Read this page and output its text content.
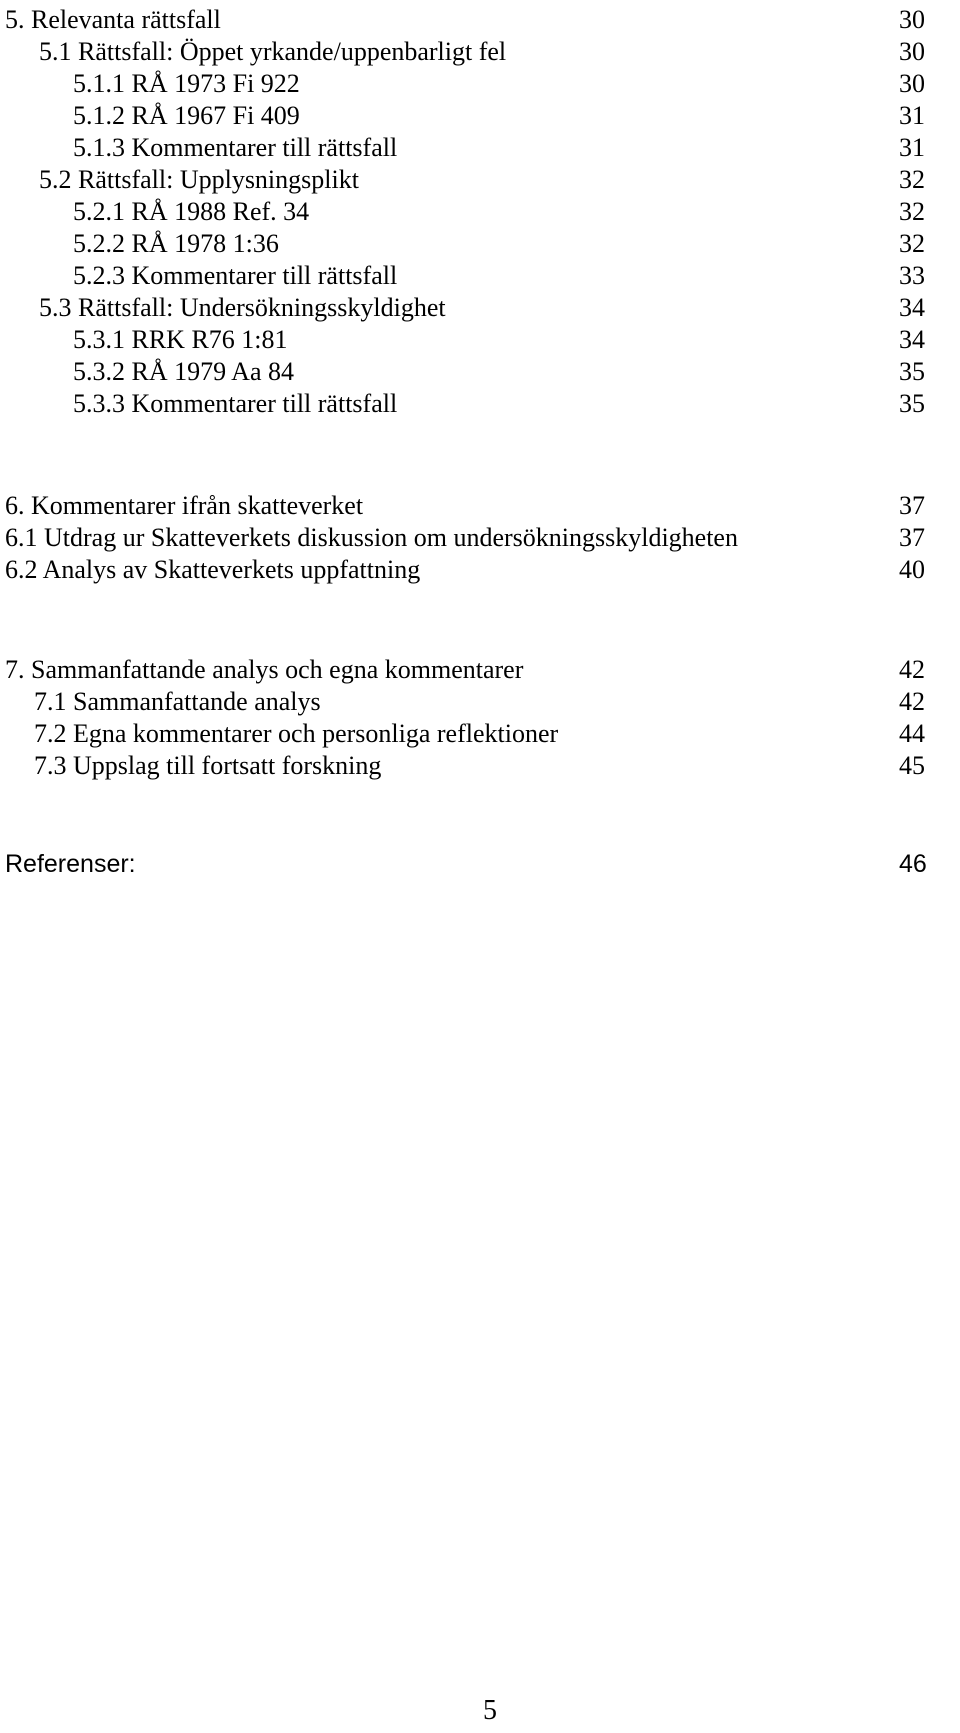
5. Relevanta rättsfall	30
5.1 Rättsfall: Öppet yrkande/uppenbarligt fel	30
5.1.1 RÅ 1973 Fi 922	30
5.1.2 RÅ 1967 Fi 409	31
5.1.3 Kommentarer till rättsfall	31
5.2 Rättsfall: Upplysningsplikt	32
5.2.1 RÅ 1988 Ref. 34	32
5.2.2 RÅ 1978 1:36	32
5.2.3 Kommentarer till rättsfall	33
5.3 Rättsfall: Undersökningsskyldighet	34
5.3.1 RRK R76 1:81	34
5.3.2 RÅ 1979 Aa 84	35
5.3.3 Kommentarer till rättsfall	35
6. Kommentarer ifrån skatteverket	37
6.1 Utdrag ur Skatteverkets diskussion om undersökningsskyldigheten	37
6.2 Analys av Skatteverkets uppfattning	40
7. Sammanfattande analys och egna kommentarer	42
7.1 Sammanfattande analys	42
7.2 Egna kommentarer och personliga reflektioner	44
7.3 Uppslag till fortsatt forskning	45
Referenser:	46
5
